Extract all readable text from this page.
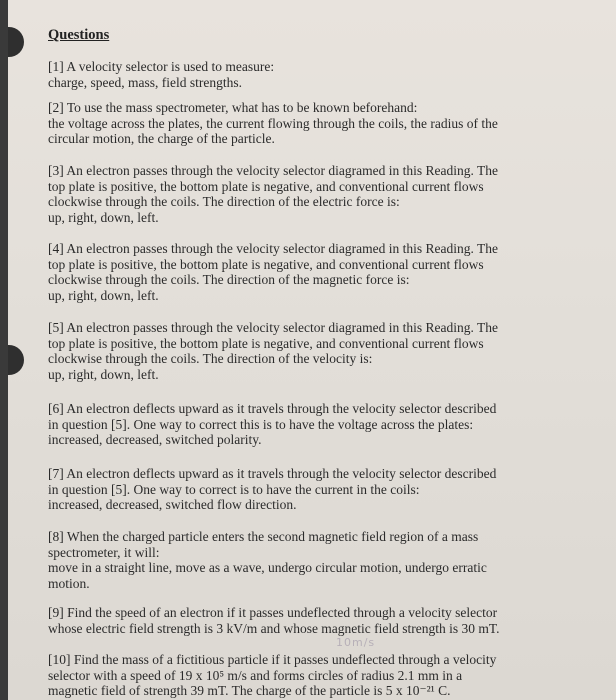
Questions
[1] A velocity selector is used to measure:
charge, speed, mass, field strengths.
[2] To use the mass spectrometer, what has to be known beforehand:
the voltage across the plates, the current flowing through the coils, the radius of the
circular motion, the charge of the particle.
[3] An electron passes through the velocity selector diagramed in this Reading. The
top plate is positive, the bottom plate is negative, and conventional current flows
clockwise through the coils. The direction of the electric force is:
up, right, down, left.
[4] An electron passes through the velocity selector diagramed in this Reading. The
top plate is positive, the bottom plate is negative, and conventional current flows
clockwise through the coils. The direction of the magnetic force is:
up, right, down, left.
[5] An electron passes through the velocity selector diagramed in this Reading. The
top plate is positive, the bottom plate is negative, and conventional current flows
clockwise through the coils. The direction of the velocity is:
up, right, down, left.
[6] An electron deflects upward as it travels through the velocity selector described
in question [5]. One way to correct this is to have the voltage across the plates:
increased, decreased, switched polarity.
[7] An electron deflects upward as it travels through the velocity selector described
in question [5]. One way to correct is to have the current in the coils:
increased, decreased, switched flow direction.
[8] When the charged particle enters the second magnetic field region of a mass
spectrometer, it will:
move in a straight line, move as a wave, undergo circular motion, undergo erratic
motion.
[9] Find the speed of an electron if it passes undeflected through a velocity selector
whose electric field strength is 3 kV/m and whose magnetic field strength is 30 mT.
10m/s
[10] Find the mass of a fictitious particle if it passes undeflected through a velocity
selector with a speed of 19 x 10⁵ m/s and forms circles of radius 2.1 mm in a
magnetic field of strength 39 mT. The charge of the particle is 5 x 10⁻²¹ C.
